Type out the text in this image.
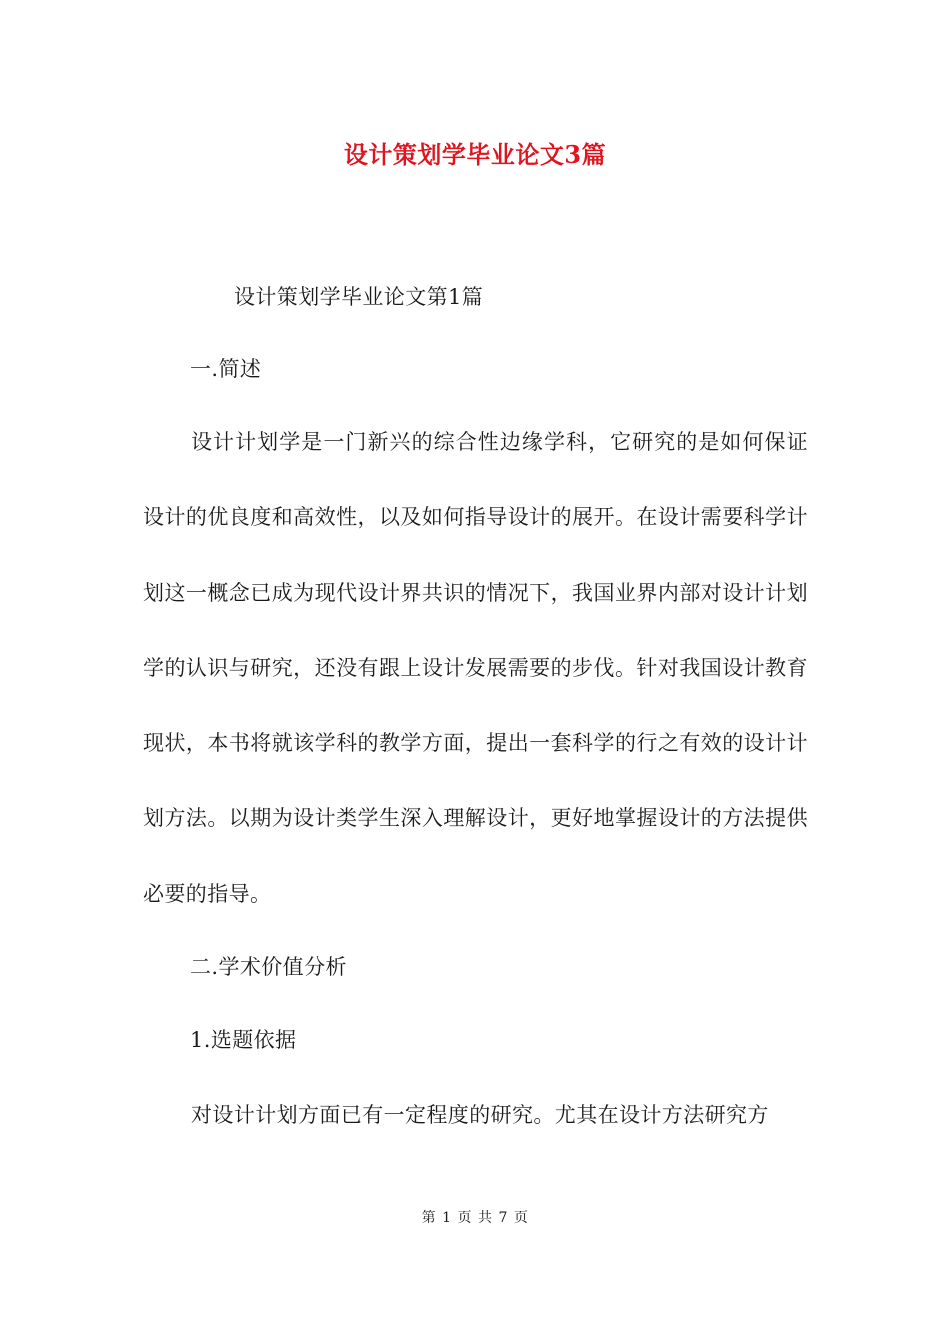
设计策划学毕业论文3篇
设计策划学毕业论文第1篇
一.简述
设计计划学是一门新兴的综合性边缘学科，它研究的是如何保证设计的优良度和高效性，以及如何指导设计的展开。在设计需要科学计划这一概念已成为现代设计界共识的情况下，我国业界内部对设计计划学的认识与研究，还没有跟上设计发展需要的步伐。针对我国设计教育现状，本书将就该学科的教学方面，提出一套科学的行之有效的设计计划方法。以期为设计类学生深入理解设计，更好地掌握设计的方法提供必要的指导。
二.学术价值分析
1.选题依据
对设计计划方面已有一定程度的研究。尤其在设计方法研究方
第 1 页 共 7 页
